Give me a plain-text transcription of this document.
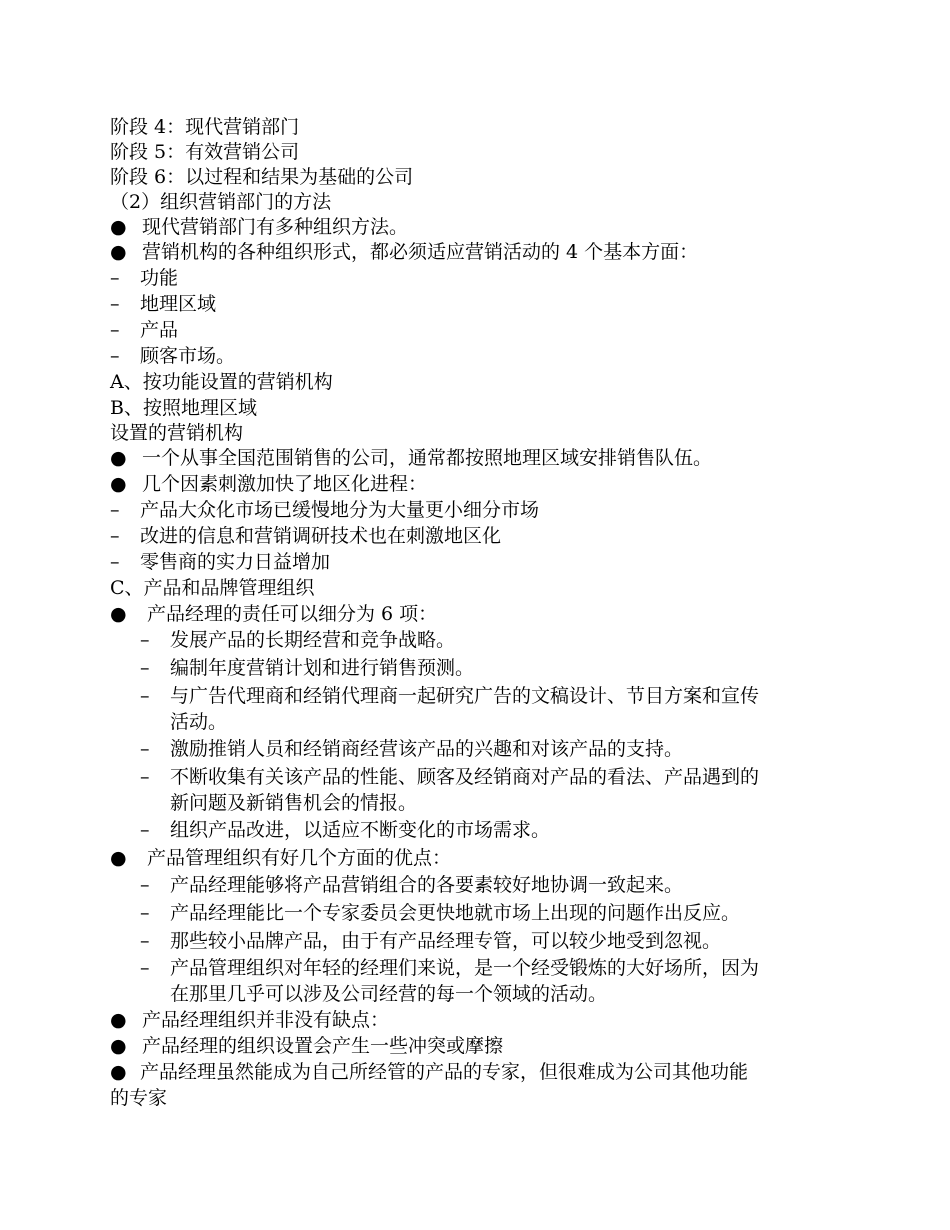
阶段 4：现代营销部门
阶段 5：有效营销公司
阶段 6：以过程和结果为基础的公司
（2）组织营销部门的方法
● 现代营销部门有多种组织方法。
● 营销机构的各种组织形式，都必须适应营销活动的 4 个基本方面：
– 功能
– 地理区域
– 产品
– 顾客市场。
A、按功能设置的营销机构
B、按照地理区域
设置的营销机构
● 一个从事全国范围销售的公司，通常都按照地理区域安排销售队伍。
● 几个因素刺激加快了地区化进程：
– 产品大众化市场已缓慢地分为大量更小细分市场
– 改进的信息和营销调研技术也在刺激地区化
– 零售商的实力日益增加
C、产品和品牌管理组织
● 产品经理的责任可以细分为 6 项：
– 发展产品的长期经营和竞争战略。
– 编制年度营销计划和进行销售预测。
– 与广告代理商和经销代理商一起研究广告的文稿设计、节目方案和宣传
活动。
– 激励推销人员和经销商经营该产品的兴趣和对该产品的支持。
– 不断收集有关该产品的性能、顾客及经销商对产品的看法、产品遇到的
新问题及新销售机会的情报。
– 组织产品改进，以适应不断变化的市场需求。
● 产品管理组织有好几个方面的优点：
– 产品经理能够将产品营销组合的各要素较好地协调一致起来。
– 产品经理能比一个专家委员会更快地就市场上出现的问题作出反应。
– 那些较小品牌产品，由于有产品经理专管，可以较少地受到忽视。
– 产品管理组织对年轻的经理们来说，是一个经受锻炼的大好场所，因为
在那里几乎可以涉及公司经营的每一个领域的活动。
● 产品经理组织并非没有缺点：
● 产品经理的组织设置会产生一些冲突或摩擦
● 产品经理虽然能成为自己所经管的产品的专家，但很难成为公司其他功能
的专家
